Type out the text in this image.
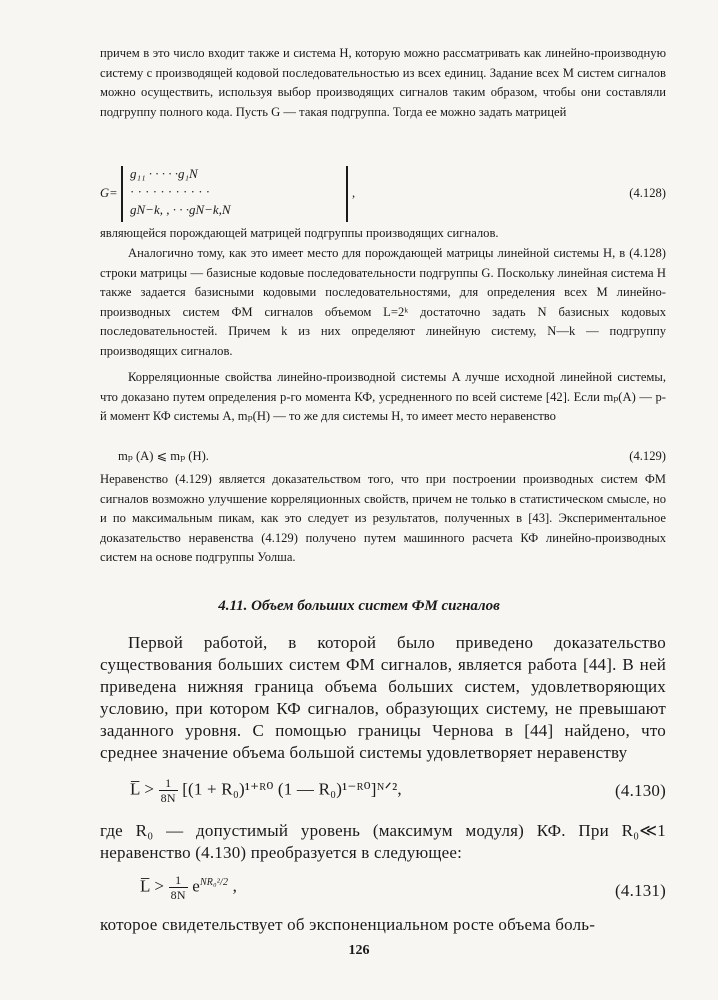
причем в это число входит также и система H, которую можно рассматривать как линейно-производную систему с производящей кодовой последовательностью из всех единиц. Задание всех M систем сигналов можно осуществить, используя выбор производящих сигналов таким образом, чтобы они составляли подгруппу полного кода. Пусть G — такая подгруппа. Тогда ее можно задать матрицей

G=
g₁₁ · · · · ·g₁N
· · · · · · · · · · ·
gN−k, , · · ·gN−k,N
,	(4.128)

являющейся порождающей матрицей подгруппы производящих сигналов.

Аналогично тому, как это имеет место для порождающей матрицы линейной системы H, в (4.128) строки матрицы — базисные кодовые последовательности подгруппы G. Поскольку линейная система H также задается базисными кодовыми последовательностями, для определения всех M линейно-производных систем ФМ сигналов объемом L=2ᵏ достаточно задать N базисных кодовых последовательностей. Причем k из них определяют линейную систему, N—k — подгруппу производящих сигналов.

Корреляционные свойства линейно-производной системы A лучше исходной линейной системы, что доказано путем определения p-го момента КФ, усредненного по всей системе [42]. Если mₚ(A) — p-й момент КФ системы A, mₚ(H) — то же для системы H, то имеет место неравенство

mₚ (A) ⩽ mₚ (H).	(4.129)

Неравенство (4.129) является доказательством того, что при построении производных систем ФМ сигналов возможно улучшение корреляционных свойств, причем не только в статистическом смысле, но и по максимальным пикам, как это следует из результатов, полученных в [43]. Экспериментальное доказательство неравенства (4.129) получено путем машинного расчета КФ линейно-производных систем на основе подгруппы Уолша.

4.11. Объем больших систем ФМ сигналов

Первой работой, в которой было приведено доказательство существования больших систем ФМ сигналов, является работа [44]. В ней приведена нижняя граница объема больших систем, удовлетворяющих условию, при котором КФ сигналов, образующих систему, не превышают заданного уровня. С помощью границы Чернова в [44] найдено, что среднее значение объема большой системы удовлетворяет неравенству

L̅ > $\frac{1}{8N} [(1$ + R₀)¹⁺ᴿ⁰ (1 — R₀)¹⁻ᴿ⁰]ᴺᐟ²,	(4.130)

где R₀ — допустимый уровень (максимум модуля) КФ. При R₀≪1 неравенство (4.130) преобразуется в следующее:

L̅ > $\frac{1}{8N} e^{NR_0^2/2}$ ,	(4.131)

которое свидетельствует об экспоненциальном росте объема боль-

126
